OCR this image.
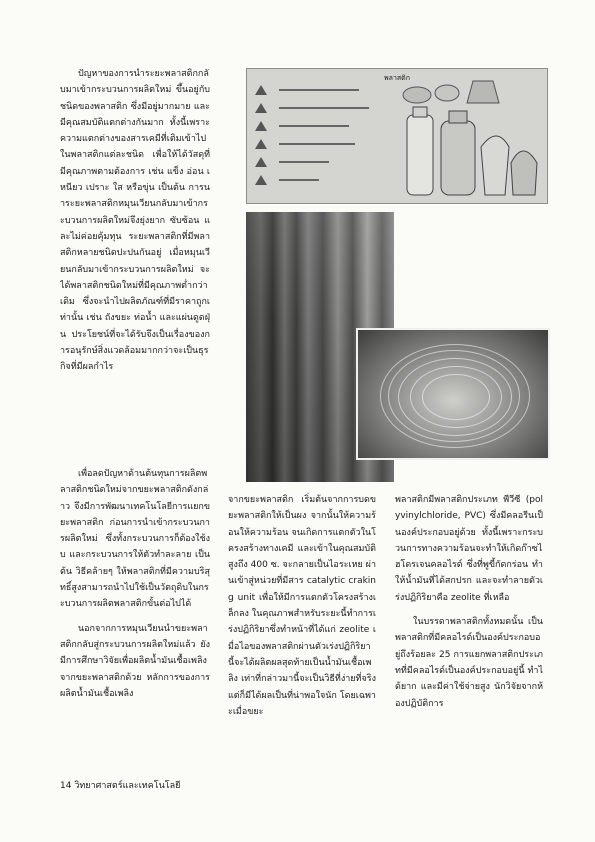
ปัญหาของการนำระยะพลาสติกกลับมาเข้ากระบวนการผลิตใหม่ ขึ้นอยู่กับชนิดของพลาสติก ซึ่งมีอยู่มากมาย และมีคุณสมบัติแตกต่างกันมาก ทั้งนี้เพราะความแตกต่างของสารเคมีที่เติมเข้าไปในพลาสติกแต่ละชนิด เพื่อให้ได้วัสดุที่มีคุณภาพตามต้องการ เช่น แข็ง อ่อน เหนียว เปราะ ใส หรือขุ่น เป็นต้น การนำระยะพลาสติกหมุนเวียนกลับมาเข้ากระบวนการผลิตใหม่จึงยุ่งยาก ซับซ้อน และไม่ค่อยคุ้มทุน ระยะพลาสติกที่มีพลาสติกหลายชนิดปะปนกันอยู่ เมื่อหมุนเวียนกลับมาเข้ากระบวนการผลิตใหม่ จะได้พลาสติกชนิดใหม่ที่มีคุณภาพต่ำกว่าเดิม ซึ่งจะนำไปผลิตภัณฑ์ที่มีราคาถูกเท่านั้น เช่น ถังขยะ ท่อน้ำ และแผ่นดูดฝุ่น ประโยชน์ที่จะได้รับจึงเป็นเรื่องของการอนุรักษ์สิ่งแวดล้อมมากกว่าจะเป็นธุรกิจที่มีผลกำไร

เพื่อลดปัญหาด้านต้นทุนการผลิตพลาสติกชนิดใหม่จากขยะพลาสติกดังกล่าว จึงมีการพัฒนาเทคโนโลยีการแยกขยะพลาสติก ก่อนการนำเข้ากระบวนการผลิตใหม่ ซึ่งทั้งกระบวนการก็ต้องใช้งบ และกระบวนการให้ตัวทำละลาย เป็นต้น วิธีคล้ายๆ ให้พลาสติกที่มีความบริสุทธิ์สูงสามารถนำไปใช้เป็นวัตถุดิบในกระบวนการผลิตพลาสติกขั้นต่อไปได้

นอกจากการหมุนเวียนนำขยะพลาสติกกลับสู่กระบวนการผลิตใหม่แล้ว ยังมีการศึกษาวิจัยเพื่อผลิตน้ำมันเชื้อเพลิงจากขยะพลาสติกด้วย หลักการของการผลิตน้ำมันเชื้อเพลิง

จากขยะพลาสติก เริ่มต้นจากการบดขยะพลาสติกให้เป็นผง จากนั้นให้ความร้อนให้ความร้อน จนเกิดการแตกตัวในโครงสร้างทางเคมี และเข้าในคุณสมบัติสูงถึง 400 ซ. จะกลายเป็นไอระเหย ผ่านเข้าสู่หน่วยที่มีสาร catalytic craking unit เพื่อให้มีการแตกตัวโครงสร้างเล็กลง ในคุณภาพสำหรับระยะนี้ทำการเร่งปฏิกิริยาซึ่งทำหน้าที่ได้แก่ zeolite เมื่อไอของพลาสติกผ่านตัวเร่งปฏิกิริยานี้จะได้ผลิตผลสุดท้ายเป็นน้ำมันเชื้อเพลิง เท่าที่กล่าวมานี้จะเป็นวิธีที่ง่ายที่จริง แต่ก็มีได้ผลเป็นที่น่าพอใจนัก โดยเฉพาะเมื่อขยะ

พลาสติกมีพลาสติกประเภท พีวีซี (polyvinylchloride, PVC) ซึ่งมีคลอรีนเป็นองค์ประกอบอยู่ด้วย ทั้งนี้เพราะกระบวนการทางความร้อนจะทำให้เกิดก๊าซไฮโดรเจนคลอไรด์ ซึ่งที่พูขี้กัดกร่อน ทำให้น้ำมันที่ได้สกปรก และจะทำลายตัวเร่งปฏิกิริยาคือ zeolite ที่เหลือ

ในบรรดาพลาสติกทั้งหมดนั้น เป็นพลาสติกที่มีคลอไรด์เป็นองค์ประกอบอยู่ถึงร้อยละ 25 การแยกพลาสติกประเภทที่มีคลอไรด์เป็นองค์ประกอบอยู่นี้ ทำได้ยาก และมีค่าใช้จ่ายสูง นักวิจัยจากห้องปฏิบัติการ

พลาสติก
14 วิทยาศาสตร์และเทคโนโลยี
